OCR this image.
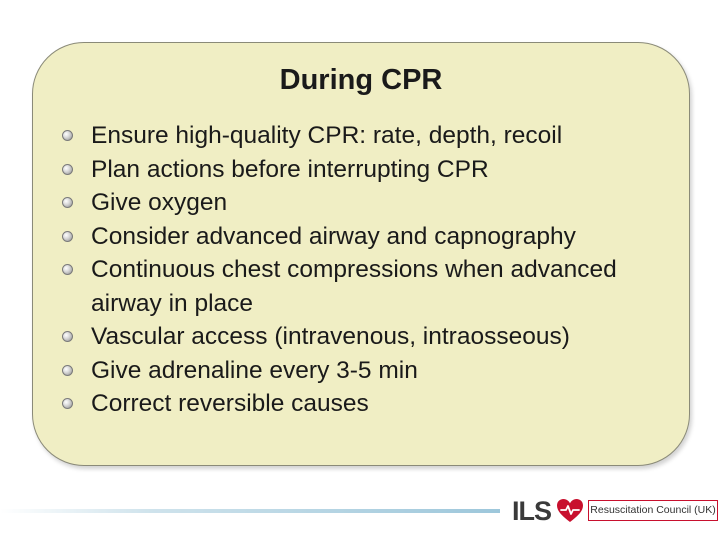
During CPR
Ensure high-quality CPR: rate, depth, recoil
Plan actions before interrupting CPR
Give oxygen
Consider advanced airway and capnography
Continuous chest compressions when advanced airway in place
Vascular access (intravenous, intraosseous)
Give adrenaline every 3-5 min
Correct reversible causes
ILS	Resuscitation Council (UK)
